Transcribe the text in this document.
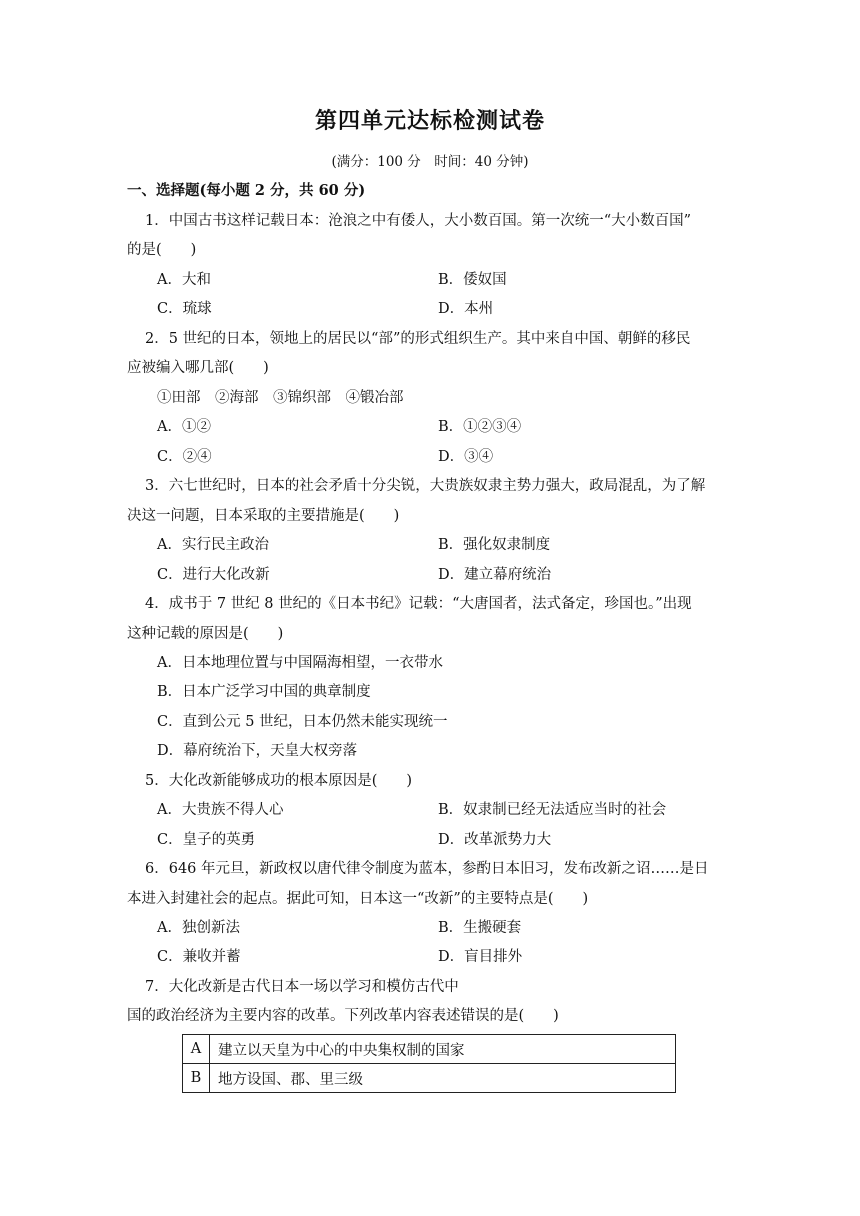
第四单元达标检测试卷
(满分：100 分　时间：40 分钟)
一、选择题(每小题 2 分，共 60 分)
1．中国古书这样记载日本：沧浪之中有倭人，大小数百国。第一次统一“大小数百国”
的是(　　)
A．大和	B．倭奴国
C．琉球	D．本州
2．5 世纪的日本，领地上的居民以“部”的形式组织生产。其中来自中国、朝鲜的移民
应被编入哪几部(　　)
①田部　②海部　③锦织部　④锻冶部
A．①②	B．①②③④
C．②④	D．③④
3．六七世纪时，日本的社会矛盾十分尖锐，大贵族奴隶主势力强大，政局混乱，为了解
决这一问题，日本采取的主要措施是(　　)
A．实行民主政治	B．强化奴隶制度
C．进行大化改新	D．建立幕府统治
4．成书于 7 世纪 8 世纪的《日本书纪》记载：“大唐国者，法式备定，珍国也。”出现
这种记载的原因是(　　)
A．日本地理位置与中国隔海相望，一衣带水
B．日本广泛学习中国的典章制度
C．直到公元 5 世纪，日本仍然未能实现统一
D．幕府统治下，天皇大权旁落
5．大化改新能够成功的根本原因是(　　)
A．大贵族不得人心	B．奴隶制已经无法适应当时的社会
C．皇子的英勇	D．改革派势力大
6．646 年元旦，新政权以唐代律令制度为蓝本，参酌日本旧习，发布改新之诏……是日
本进入封建社会的起点。据此可知，日本这一“改新”的主要特点是(　　)
A．独创新法	B．生搬硬套
C．兼收并蓄	D．盲目排外
7．大化改新是古代日本一场以学习和模仿古代中
国的政治经济为主要内容的改革。下列改革内容表述错误的是(　　)
A	建立以天皇为中心的中央集权制的国家
B	地方设国、郡、里三级
